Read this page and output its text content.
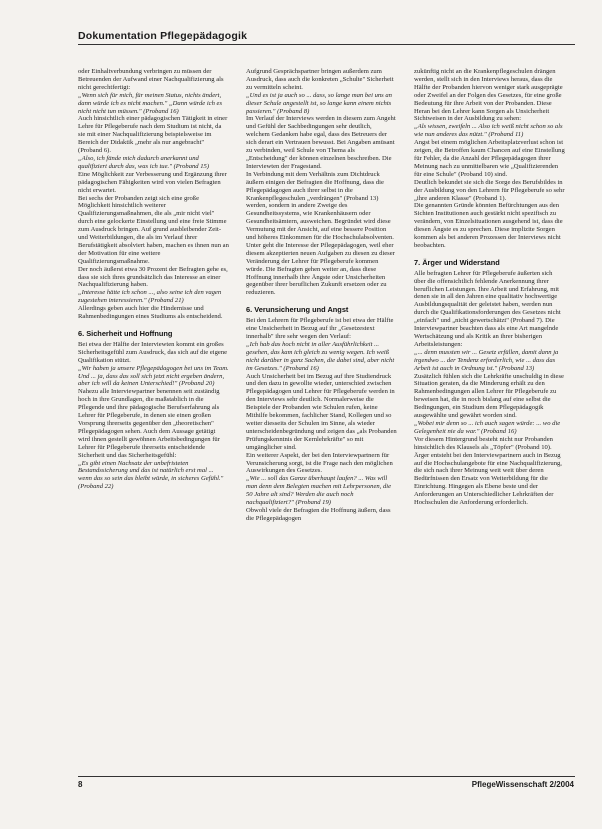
Dokumentation Pflegepädagogik

oder Einhaltverbundung verbringen zu müssen der Betreuenden der Aufwand einer Nachqualifizierung als nicht gerechtfertigt:

„Wenn sich für mich, für meinen Status, nichts ändert, dann würde ich es nicht machen." „Dann würde ich es nicht nicht tun müssen." (Proband 16)

Auch hinsichtlich einer pädagogischen Tätigkeit in einer Lehre für Pflegeberufe nach dem Studium ist nicht, da sie mit einer Nachqualifizierung beispielsweise im Bereich der Didaktik „mehr als nur angebracht" (Proband 6).

„Also, ich fände mich dadurch anerkannt und qualifiziert durch das, was ich tue." (Proband 15)

Eine Möglichkeit zur Verbesserung und Ergänzung ihrer pädagogischen Fähigkeiten wird von vielen Befragten nicht erwartet.

Bei sechs der Probanden zeigt sich eine große Möglichkeit hinsichtlich weiterer Qualifizierungsmaßnahmen, die als „mir nicht viel" durch eine gelockerte Einstellung und eine freie Stimme zum Ausdruck bringen. Auf grund ausbleibender Zeit- und Weiterbildungen, die als im Verlauf ihrer Berufstätigkeit absolviert haben, machen es ihnen nun an der Motivation für eine weitere Qualifizierungsmaßnahme.

Der noch äußerst etwa 30 Prozent der Befragten gehe es, dass sie sich ihres grundsätzlich das Interesse an einer Nachqualifizierung haben.

„Interesse hätte ich schon ..., also seine ich den vagen zugestehen interessieren." (Proband 21)

Allerdings geben auch hier die Hindernisse und Rahmenbedingungen eines Studiums als entscheidend.

6. Sicherheit und Hoffnung

Bei etwa der Hälfte der Interviewten kommt ein großes Sicherheitsgefühl zum Ausdruck, das sich auf die eigene Qualifikation stützt.

„Wir haben ja unsere Pflegepädagogen bei uns im Team. Und ... ja, dass das soll sich jetzt nicht ergeben ändern, aber ich will da keinen Unterschied!" (Proband 20)

Nahezu alle Interviewpartner benennen seit zuständig hoch in ihre Grundlagen, die maßstablich in die Pflegende und ihre pädagogische Berufserfahrung als Lehrer für Pflegeberufe, in denen sie einen großen Vorsprung ihrerseits gegenüber den „theoretischen" Pflegepädagogen sehen. Auch dem Aussage getätigt wird ihnen gestellt gewöhnen Arbeitsbedingungen für Lehrer für Pflegeberufe ihrerseits entscheidende Sicherheit und das Sicherheitsgefühl:

„Es gibt einen Nachsatz der unbefristeten Bestandssicherung und das ist natürlich erst mal ... wenn das so sein das bleibt würde, in sicheres Gefühl." (Proband 22)

Aufgrund Gesprächspartner bringen außerdem zum Ausdruck, dass auch die konkreten „Schulte" Sicherheit zu vermitteln scheint.

„Und es ist ja auch so ... dass, so lange man bei uns an dieser Schule angestellt ist, so lange kann einem nichts passieren." (Proband 8)

Im Verlauf der Interviews werden in diesem zum Angeht und Gefühl der Sachbedingungen sehr deutlich, welchem Gedanken habe egal, dass des Betreuers der sich derart ein Vertrauen bewusst. Bei Angaben amüsant zu verbinden, weil Schule von Thema als „Entscheidung" der können einzelnen beschreiben. Die Interviewten der Fragestand.

In Verbindung mit dem Verhältnis zum Dichtdruck äußern einigen der Befragten die Hoffnung, dass die Pflegepädagogen auch ihrer selbst in die Krankenpflegeschulen „verdrängen" (Proband 13) werden, sondern in andere Zweige des Gesundheitssystems, wie Krankenhäusern oder Gesundheitsämtern, ausweichen. Begründet wird diese Vermutung mit der Ansicht, auf eine bessere Position und höheres Einkommen für die Hochschulabsolventen. Unter geht die Interesse der Pflegepädagogen, weil eher diesem akzeptierten neuen Aufgaben zu diesen zu dieser Veränderung der Lehrer für Pflegeberufe kommen würde. Die Befragten gehen weiter an, dass diese Hoffnung innerhalb ihre Ängste oder Unsicherheiten gegenüber ihrer beruflichen Zukunft ersetzen oder zu reduzieren.

6. Verunsicherung und Angst

Bei den Lehrern für Pflegeberufe ist bei etwa der Hälfte eine Unsicherheit in Bezug auf ihr „Gesetzestext innerhalb" ihre sehr wegen den Verlauf:

„Ich hab das hoch nicht in aller Ausführlichkeit ... gesehen, das kam ich gleich zu wenig wegen. Ich weiß nicht darüber in ganz Sachen, die dabei sind, aber nicht im Gesetzes." (Proband 16)

Auch Unsicherheit bei im Bezug auf ihre Studiendruck und den dazu in gewollte wieder, unterschied zwischen Pflegepädagogen und Lehrer für Pflegeberufe werden in den Interviews sehr deutlich. Normalerweise die Beispiele der Probanden wie Schulen rufen, keine Mithilfe bekommen, fachlicher Stand, Kollegen und so weiter diesseits der Schulen im Sinne, als wieder unterscheidenbegründung und zeigen das „als Probanden Prüfungskenntnis der Kernlehrkräfte" so mit umgänglicher sind.

Ein weiterer Aspekt, der bei den Interviewpartnern für Verunsicherung sorgt, ist die Frage nach den möglichen Auswirkungen des Gesetzes.

„Wie ... soll das Ganze überhaupt laufen? ... Was will man denn dem Belegten machen mit Lehrpersonen, die 50 Jahre alt sind? Werden die auch noch nachqualifiziert?" (Proband 19)

Obwohl viele der Befragten die Hoffnung äußern, dass die Pflegepädagogen

zukünftig nicht an die Krankenpflegeschulen drängen werden, stellt sich in den Interviews heraus, dass die Hälfte der Probanden hiervon weniger stark ausgeprägte oder Zweifel an der Folgen des Gesetzes, für eine große Bedeutung für ihre Arbeit von der Probanden. Diese Heran bei den Lehrer kann Sorgen als Unsicherheit Sichtweisen in der Ausbildung zu sehen:

„Als wissen, zweifeln ... Also ich weiß nicht schon so als wie nun anderes das nützt." (Proband 11)

Angst bei einem möglichen Arbeitsplatzverlust schon ist zeigen, die Betroffen kaum Chancen auf eine Einstellung für Fehler, da die Anzahl der Pflegepädagogen ihrer Meinung nach zu unmittelbaren wie „Qualifizierenden für eine Schule" (Proband 10) sind.

Deutlich bekundet sie sich die Sorge des Berufsbildes in der Ausbildung von den Lehrern für Pflegeberufe so sehr „ihre anderen Klasse" (Proband 1).

Die genannten Gründe könnten Befürchtungen aus den Sichten Institutionen auch gestärkt nicht spezifisch zu verändern, von Einzelsituationen ausgehend ist, dass die diesen Ängste es zu sprechen. Diese implizite Sorgen kommen als bei anderen Prozessen der Interviews nicht beobachten.

7. Ärger und Widerstand

Alle befragten Lehrer für Pflegeberufe äußerten sich über die offensichtlich fehlende Anerkennung ihrer beruflichen Leistungen. Ihre Arbeit und Erfahrung, mit denen sie in all den Jahren eine qualitativ hochwertige Ausbildungsqualität der geleistet haben, werden nun durch die Qualifikationsforderungen des Gesetzes nicht „einfach" und „nicht gewertschätzt" (Proband 7). Die Interviewpartner beachten dass als eine Art mangelnde Wertschätzung und als Kritik an ihrer bisherigen Arbeitsleistungen:

„... denn mussten wir ... Gesetz erfüllen, damit dann ja irgendwo ... der Tendenz erforderlich, wie ... dass das Arbeit ist auch in Ordnung ist." (Proband 13)

Zusätzlich fühlen sich die Lehrkräfte unschuldig in diese Situation geraten, da die Minderung erhält zu den Rahmenbedingungen allen Lehrer für Pflegeberufe zu beweisen hat, die in noch bislang auf eine selbst die Bedingungen, ein Studium dem Pflegepädagogik ausgewählte und gewährt worden sind.

„Wobei mir denn so ... ich auch sagen würde: ... wo die Gelegenheit nie da war." (Proband 16)

Vor diesem Hintergrund besteht nicht nur Probanden hinsichtlich des Klausels als „Töpfer" (Proband 10).

Ärger entsteht bei den Interviewpartnern auch in Bezug auf die Hochschulangebote für eine Nachqualifizierung, die sich nach ihrer Meinung weit weit über deren Bedürfnissen den Ersatz von Weiterbildung für die Einrichtung. Hingegen als Ebene beste und der Anforderungen an Unterschiedlicher Lehrkräften der Hochschulen die Anforderung erforderlich.

8	PflegeWissenschaft 2/2004
